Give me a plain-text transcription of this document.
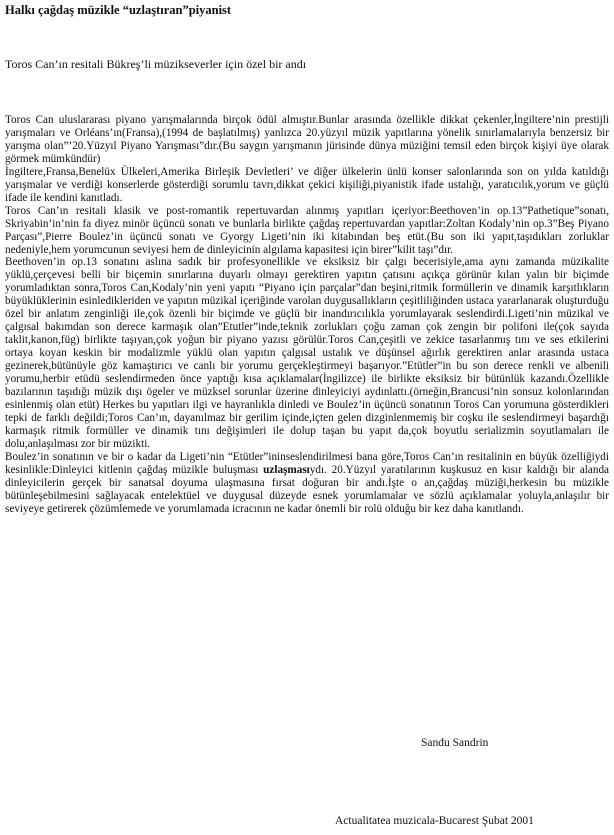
Halkı çağdaş müzikle “uzlaştıran”piyanist
Toros Can’ın resitali Bükreş’li müzikseverler için özel bir andı

Toros Can uluslararası piyano yarışmalarında birçok ödül almıştır.Bunlar arasında özellikle dikkat çekenler,İngiltere’nin prestijli yarışmaları ve Orléans’ın(Fransa),(1994 de başlatılmış) yanlızca 20.yüzyıl müzik yapıtlarına yönelik sınırlamalarıyla benzersiz bir yarışma olan”’20.Yüzyıl Piyano Yarışması”dır.(Bu saygın yarışmanın jürisinde dünya müziğini temsil eden birçok kişiyi üye olarak görmek mümkündür)

İngiltere,Fransa,Benelüx Ülkeleri,Amerika Birleşik Devletleri’ ve diğer ülkelerin ünlü konser salonlarında son on yılda katıldığı yarışmalar ve verdiği konserlerde gösterdiği sorumlu tavrı,dikkat çekici kişiliği,piyanistik ifade ustalığı, yaratıcılık,yorum ve güçlü ifade ile kendini kanıtladı.

Toros Can’ın resitali klasik ve post-romantik repertuvardan alınmış yapıtları içeriyor:Beethoven’in op.13”Pathetique”sonatı, Skriyabin’in’nin fa diyez minör üçüncü sonatı ve bunlarla birlikte çağdaş repertuvardan yapıtlar:Zoltan Kodaly’nin op.3”Beş Piyano Parçası”,Pierre Boulez’in üçüncü sonatı ve Gyorgy Ligeti’nin iki kitabından beş etüt.(Bu son iki yapıt,taşıdıkları zorluklar nedeniyle,hem yorumcunun seviyesi hem de dinleyicinin algılama kapasitesi için birer”kilit taşı”dır.

Beethoven’in op.13 sonatını aslına sadık bir profesyonellikle ve eksiksiz bir çalgı becerisiyle,ama aynı zamanda müzikalite yüklü,çerçevesi belli bir biçemin sınırlarına duyarlı olmayı gerektiren yapıtın çatısını açıkça görünür kılan yalın bir biçimde yorumladıktan sonra,Toros Can,Kodaly’nin yeni yapıtı “Piyano için parçalar”dan beşini,ritmik formüllerin ve dinamik karşıtlıkların büyüklüklerinin esinledikleriden ve yapıtın müzikal içeriğinde varolan duygusallıkların çeşitliliğinden ustaca yararlanarak oluşturduğu özel bir anlatım zenginliği ile,çok özenli bir biçimde ve güçlü bir inandırıcılıkla yorumlayarak seslendirdi.Ligeti’nin müzikal ve çalgısal bakımdan son derece karmaşık olan”Etutler”inde,teknik zorlukları çoğu zaman çok zengin bir polifoni ile(çok sayıda taklit,kanon,füg) birlikte taşıyan,çok yoğun bir piyano yazısı görülür.Toros Can,çeşitli ve zekice tasarlanmış tını ve ses etkilerini ortaya koyan keskin bir modalizmle yüklü olan yapıtın çalgısal ustalık ve düşünsel ağırlık gerektiren anlar arasında ustaca gezinerek,bütünüyle göz kamaştırıcı ve canlı bir yorumu gerçekleştirmeyi başarıyor.”Etütler”in bu son derece renkli ve albenili yorumu,herbir etüdü seslendirmeden önce yaptığı kısa açıklamalar(İngilizce) ile birlikte eksiksiz bir bütünlük kazandı.Özellikle bazılarının taşıdığı müzik dışı ögeler ve müzksel sorunlar üzerine dinleyiciyi aydınlattı.(örneğin,Brancusi’nin sonsuz kolonlarından esinlenmiş olan etüt) Herkes bu yapıtları ilgi ve hayranlıkla dinledi ve Boulez’in üçüncü sonatının Toros Can yorumuna gösterdikleri tepki de farklı değildi;Toros Can’ın, dayanılmaz bir gerilim içinde,içten gelen dizginlenmemiş bir coşku ile seslendirmeyi başardığı karmaşık ritmik formüller ve dinamik tını değişimleri ile dolup taşan bu yapıt da,çok boyutlu serializmin soyutlamaları ile dolu,anlaşılması zor bir müzikti.

Boulez’in sonatının ve bir o kadar da Ligeti’nin “Etütler”ininseslendirilmesi bana göre,Toros Can’ın resitalinin en büyük özelliğiydi kesinlikle:Dinleyici kitlenin çağdaş müzikle buluşması uzlaşmasıydı. 20.Yüzyıl yaratılarının kuşkusuz en kısır kaldığı bir alanda dinleyicilerin gerçek bir sanatsal doyuma ulaşmasına fırsat doğuran bir andı.İşte o an,çağdaş müziği,herkesin bu müzikle bütünleşebilmesini sağlayacak entelektüel ve duygusal düzeyde esnek yorumlamalar ve sözlü açıklamalar yoluyla,anlaşılır bir seviyeye getirerek çözümlemede ve yorumlamada icracının ne kadar önemli bir rolü olduğu bir kez daha kanıtlandı.

Sandu Sandrin
Actualitatea muzicala-Bucarest Şubat 2001
